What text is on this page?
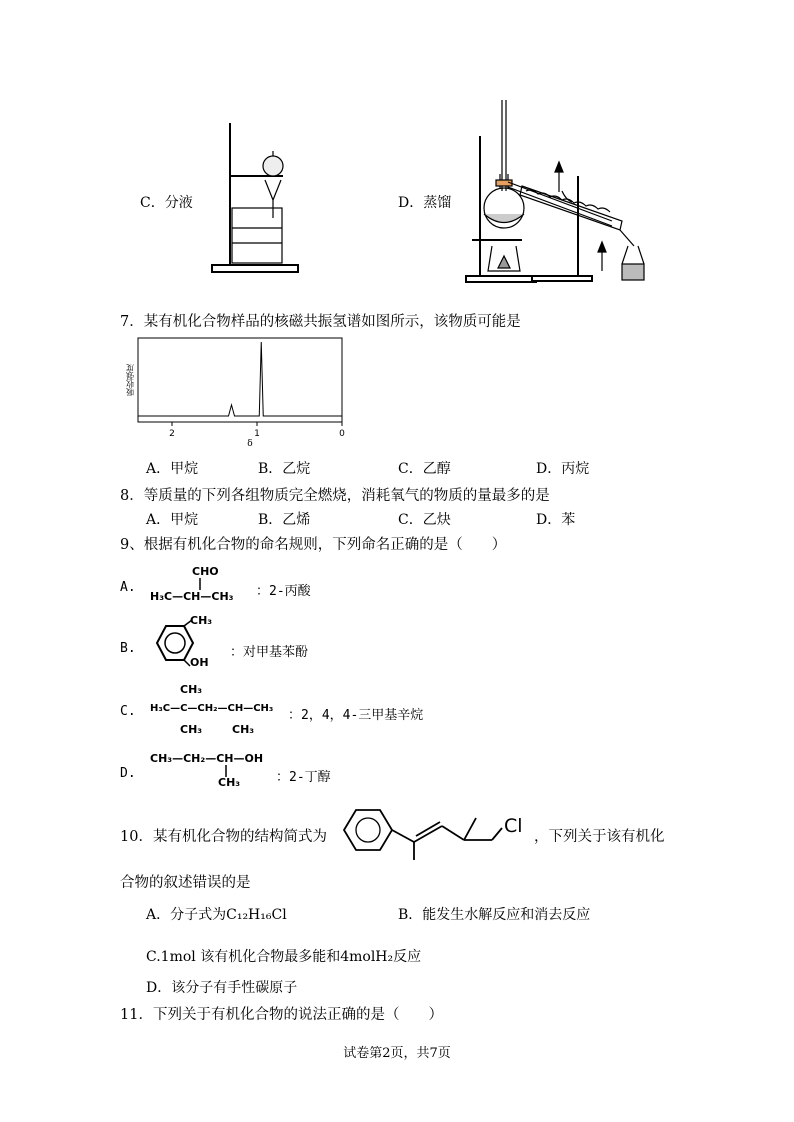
C．分液	D．蒸馏
7．某有机化合物样品的核磁共振氢谱如图所示，该物质可能是
吸收强度
2	1	0
δ
A．甲烷	B．乙烷	C．乙醇	D．丙烷
8．等质量的下列各组物质完全燃烧，消耗氧气的物质的量最多的是
A．甲烷	B．乙烯	C．乙炔	D．苯
9、根据有机化合物的命名规则，下列命名正确的是（　　）
A.
CHO
H₃C—CH—CH₃ ：2-丙酸
B.
CH₃
OH
：对甲基苯酚
C.
CH₃
H₃C—C—CH₂—CH—CH₃
CH₃	CH₃
：2，4，4-三甲基辛烷
D.
CH₃—CH₂—CH—OH
CH₃	：2-丁醇
10．某有机化合物的结构简式为	Cl ，下列关于该有机化
合物的叙述错误的是
A．分子式为C₁₂H₁₆Cl	B．能发生水解反应和消去反应
C.1mol 该有机化合物最多能和4molH₂反应
D．该分子有手性碳原子
11．下列关于有机化合物的说法正确的是（　　）
试卷第2页，共7页
